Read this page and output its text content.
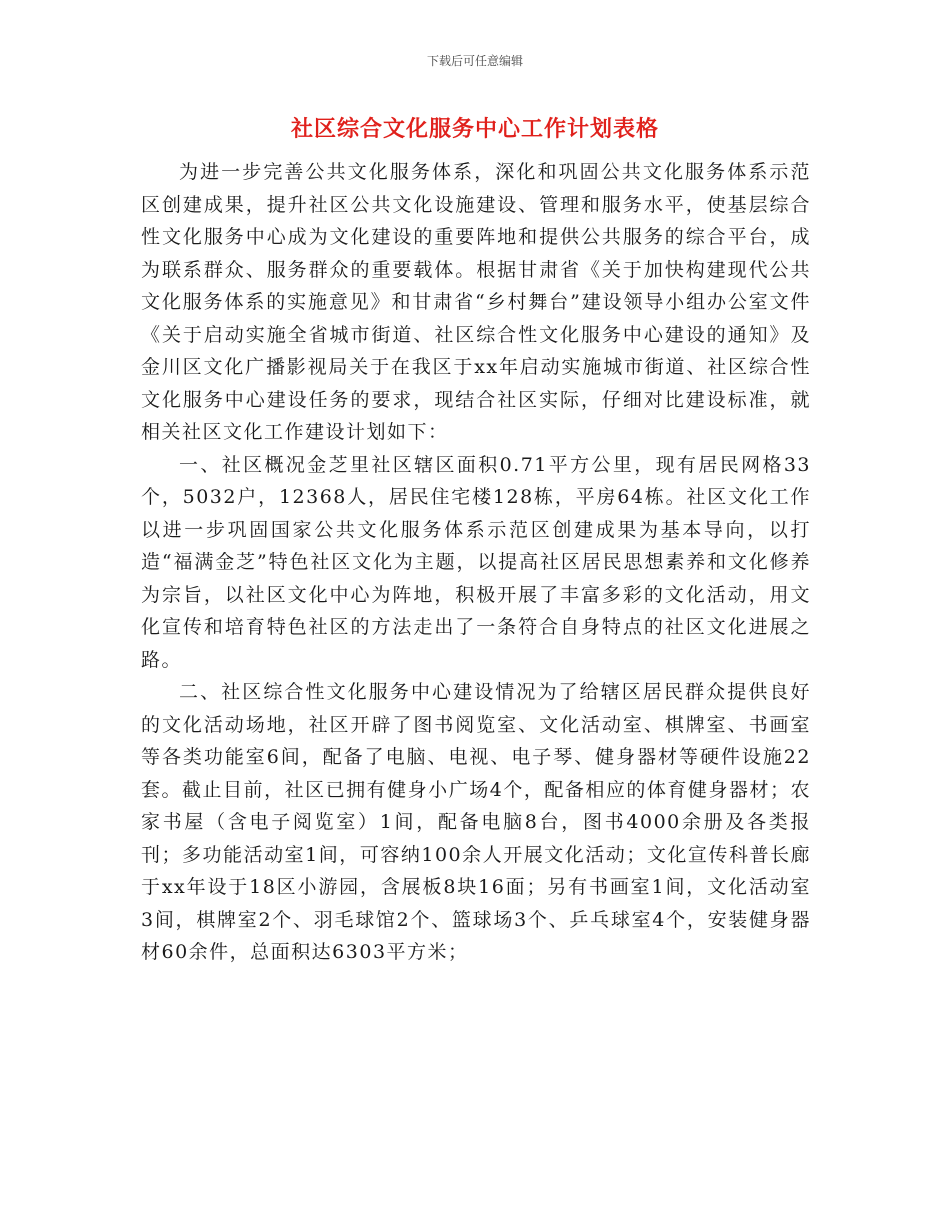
下载后可任意编辑
社区综合文化服务中心工作计划表格

为进一步完善公共文化服务体系，深化和巩固公共文化服务体系示范区创建成果，提升社区公共文化设施建设、管理和服务水平，使基层综合性文化服务中心成为文化建设的重要阵地和提供公共服务的综合平台，成为联系群众、服务群众的重要载体。根据甘肃省《关于加快构建现代公共文化服务体系的实施意见》和甘肃省“乡村舞台”建设领导小组办公室文件《关于启动实施全省城市街道、社区综合性文化服务中心建设的通知》及金川区文化广播影视局关于在我区于xx年启动实施城市街道、社区综合性文化服务中心建设任务的要求，现结合社区实际，仔细对比建设标准，就相关社区文化工作建设计划如下：

一、社区概况金芝里社区辖区面积0.71平方公里，现有居民网格33个，5032户，12368人，居民住宅楼128栋，平房64栋。社区文化工作以进一步巩固国家公共文化服务体系示范区创建成果为基本导向，以打造“福满金芝”特色社区文化为主题，以提高社区居民思想素养和文化修养为宗旨，以社区文化中心为阵地，积极开展了丰富多彩的文化活动，用文化宣传和培育特色社区的方法走出了一条符合自身特点的社区文化进展之路。

二、社区综合性文化服务中心建设情况为了给辖区居民群众提供良好的文化活动场地，社区开辟了图书阅览室、文化活动室、棋牌室、书画室等各类功能室6间，配备了电脑、电视、电子琴、健身器材等硬件设施22套。截止目前，社区已拥有健身小广场4个，配备相应的体育健身器材；农家书屋（含电子阅览室）1间，配备电脑8台，图书4000余册及各类报刊；多功能活动室1间，可容纳100余人开展文化活动；文化宣传科普长廊于xx年设于18区小游园，含展板8块16面；另有书画室1间，文化活动室3间，棋牌室2个、羽毛球馆2个、篮球场3个、乒乓球室4个，安装健身器材60余件，总面积达6303平方米；
